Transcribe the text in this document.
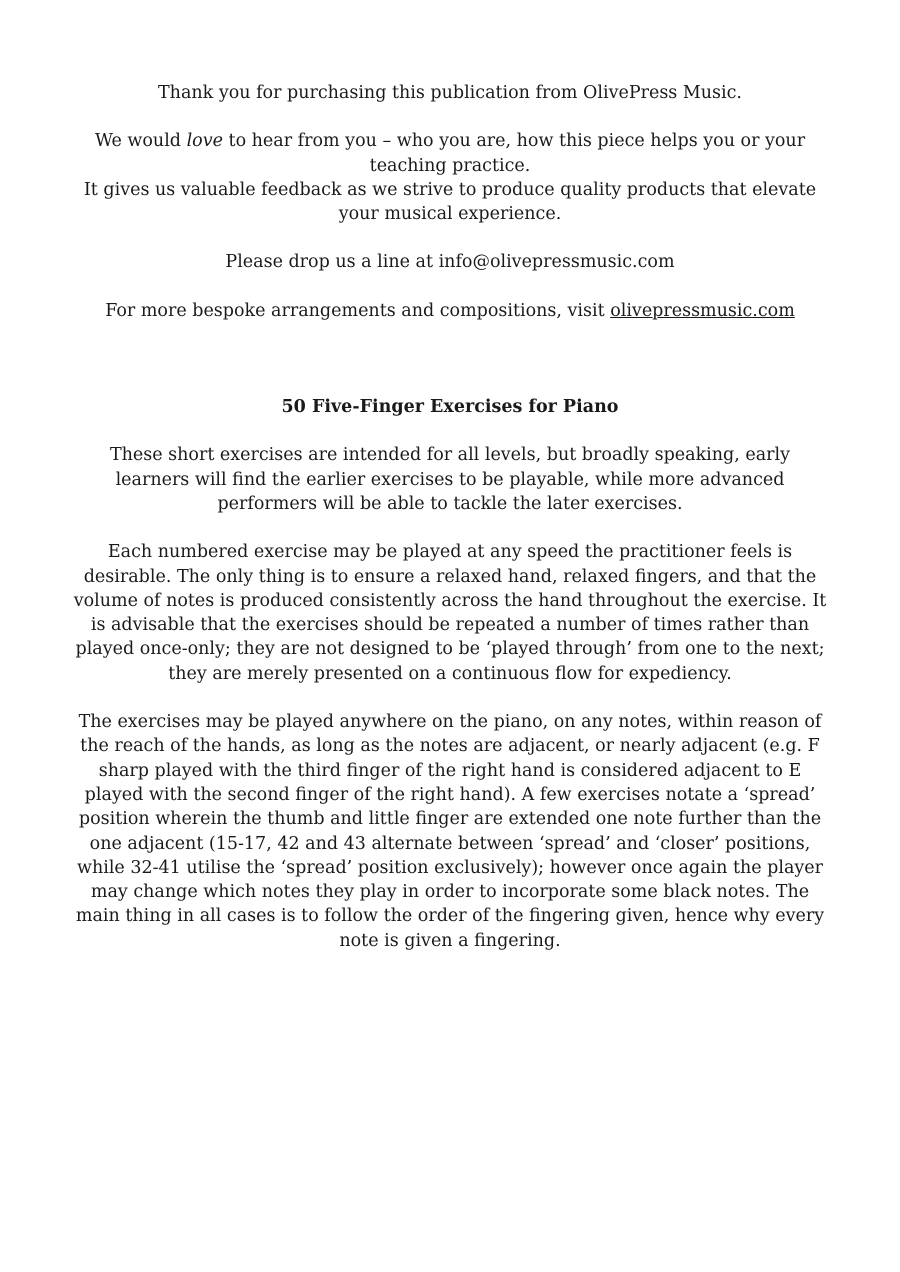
Thank you for purchasing this publication from OlivePress Music.

We would love to hear from you – who you are, how this piece helps you or your teaching practice.

It gives us valuable feedback as we strive to produce quality products that elevate your musical experience.

Please drop us a line at info@olivepressmusic.com

For more bespoke arrangements and compositions, visit olivepressmusic.com

50 Five-Finger Exercises for Piano

These short exercises are intended for all levels, but broadly speaking, early learners will find the earlier exercises to be playable, while more advanced performers will be able to tackle the later exercises.

Each numbered exercise may be played at any speed the practitioner feels is desirable. The only thing is to ensure a relaxed hand, relaxed fingers, and that the volume of notes is produced consistently across the hand throughout the exercise. It is advisable that the exercises should be repeated a number of times rather than played once-only; they are not designed to be ‘played through’ from one to the next; they are merely presented on a continuous flow for expediency.

The exercises may be played anywhere on the piano, on any notes, within reason of the reach of the hands, as long as the notes are adjacent, or nearly adjacent (e.g. F sharp played with the third finger of the right hand is considered adjacent to E played with the second finger of the right hand). A few exercises notate a ‘spread’ position wherein the thumb and little finger are extended one note further than the one adjacent (15-17, 42 and 43 alternate between ‘spread’ and ‘closer’ positions, while 32-41 utilise the ‘spread’ position exclusively); however once again the player may change which notes they play in order to incorporate some black notes. The main thing in all cases is to follow the order of the fingering given, hence why every note is given a fingering.
